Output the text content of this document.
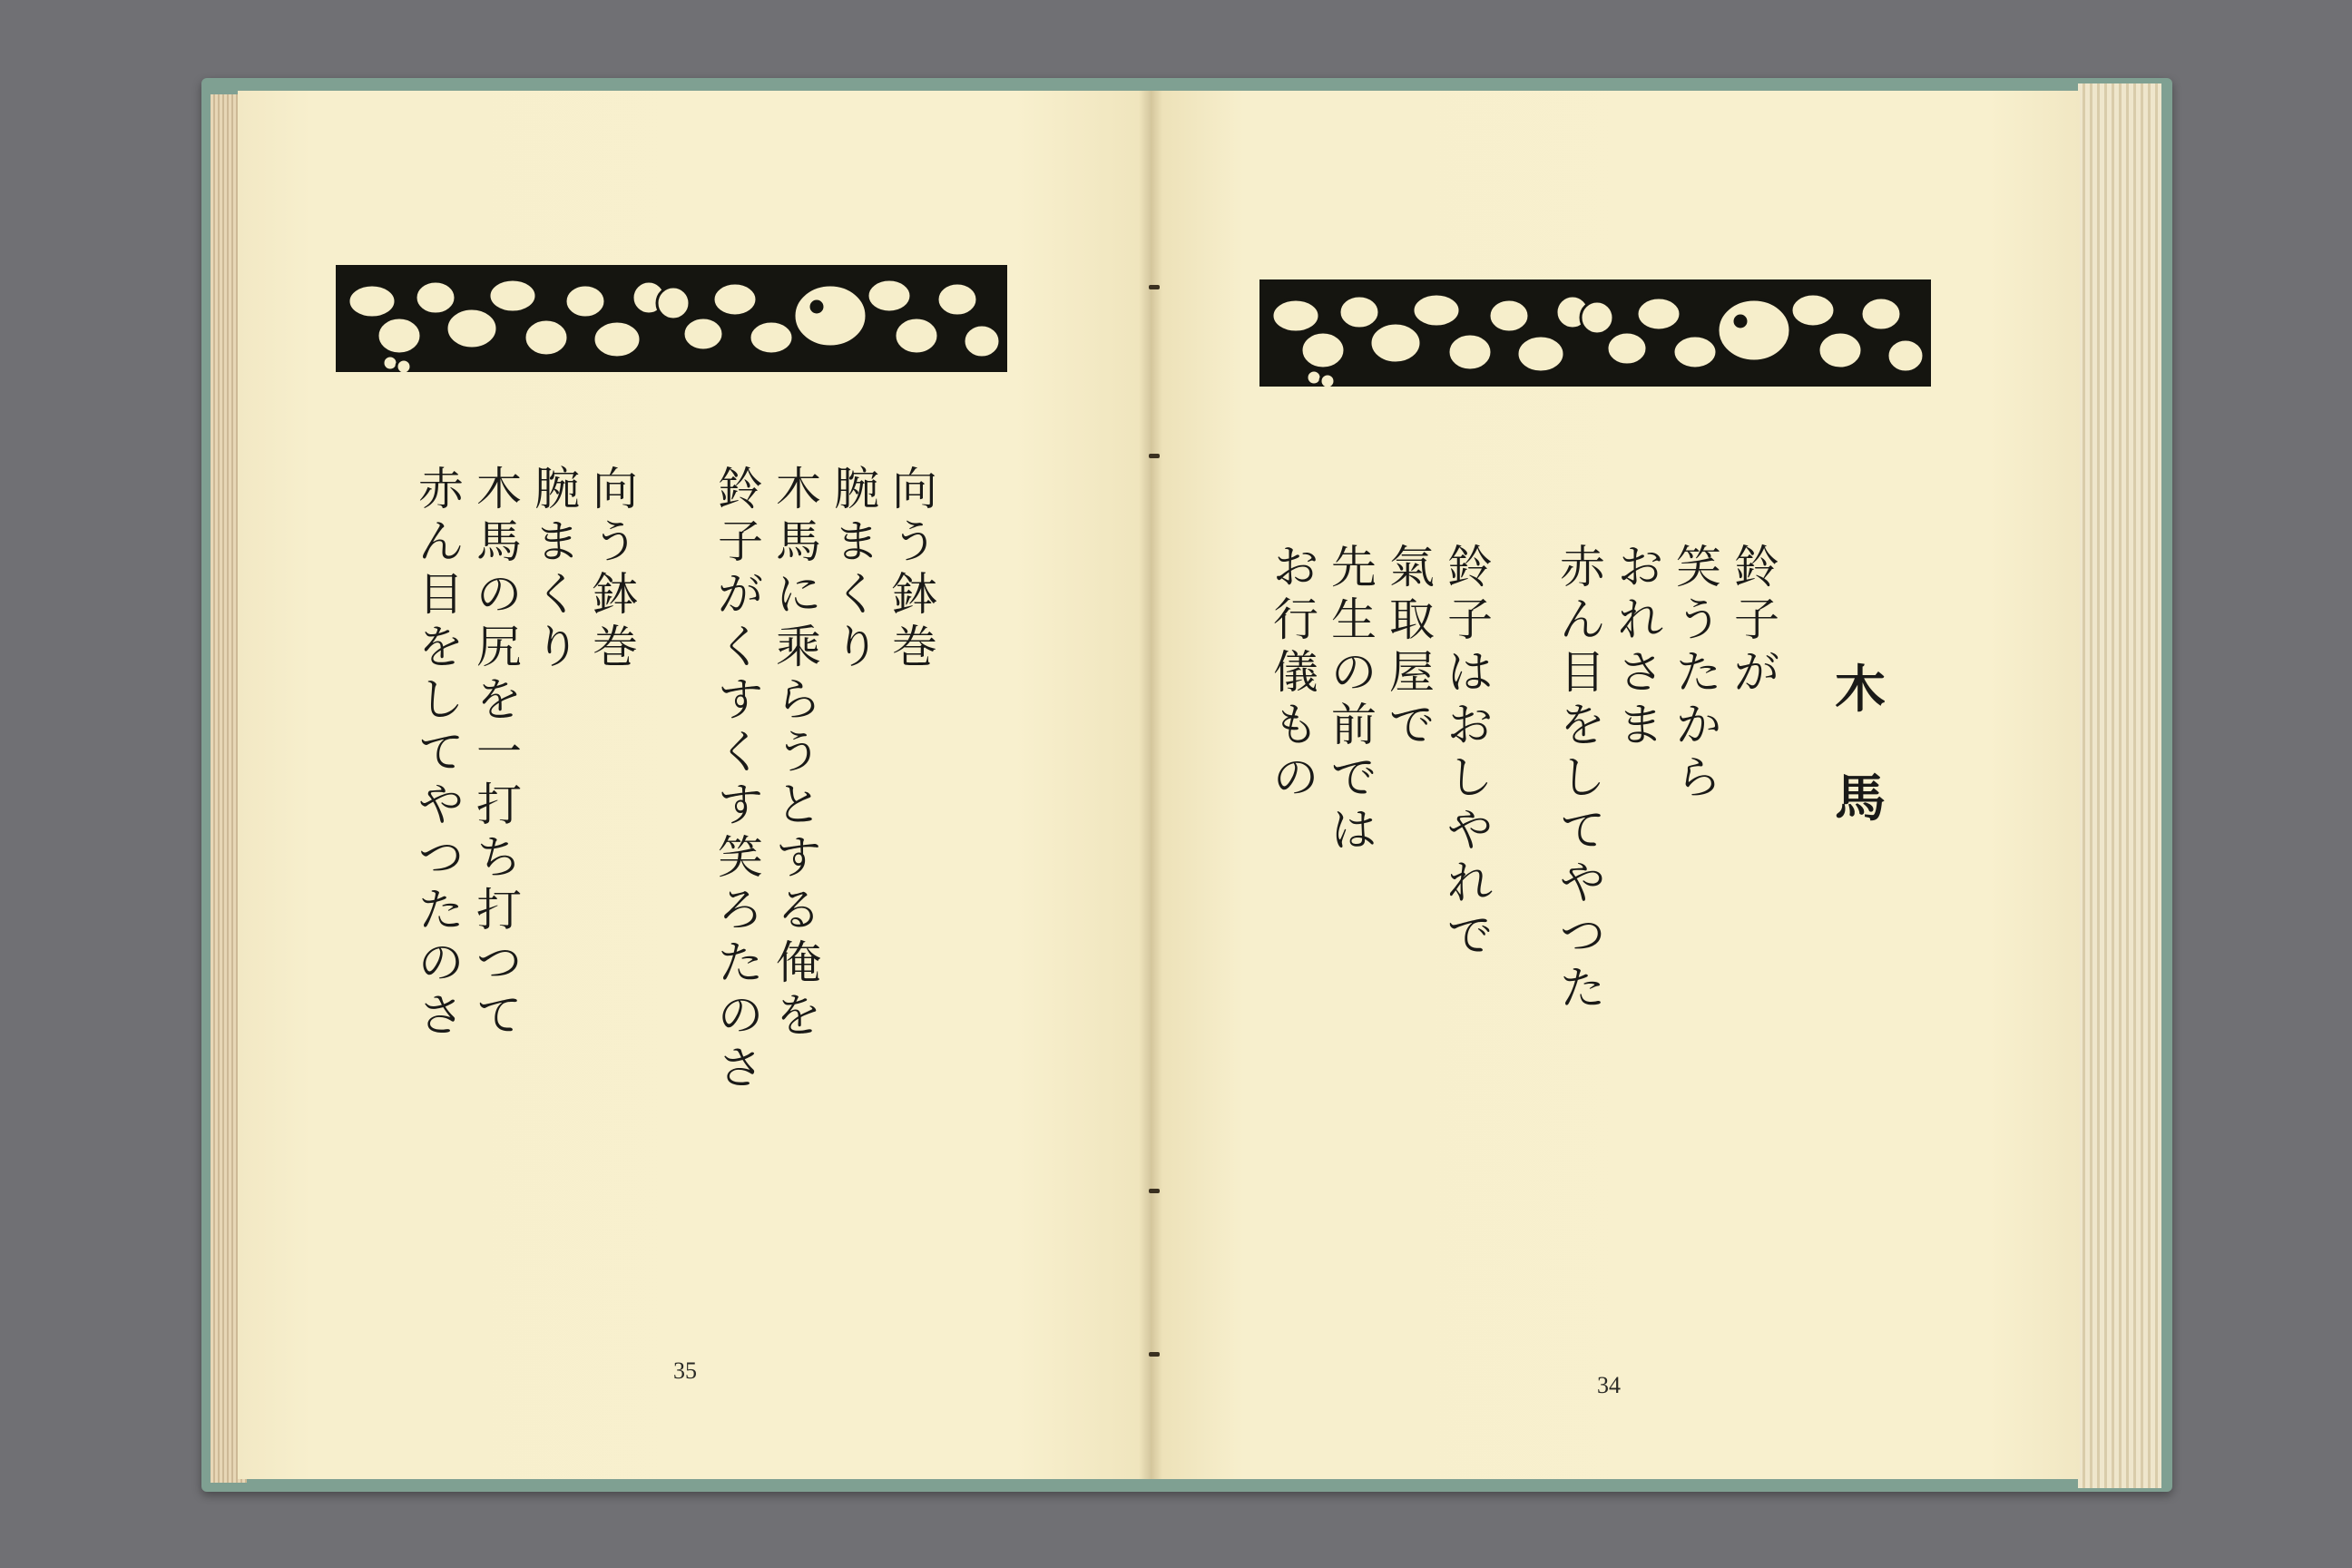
向う鉢巻
腕まくり
木馬に乘らうとする俺を
鈴子がくすくす笑ろたのさ
向う鉢巻
腕まくり
木馬の尻を一打ち打つて
赤ん目をしてやつたのさ
35
木馬
鈴子が
笑うたから
おれさま
赤ん目をしてやつた
鈴子はおしやれで
氣取屋で
先生の前では
お行儀もの
34
